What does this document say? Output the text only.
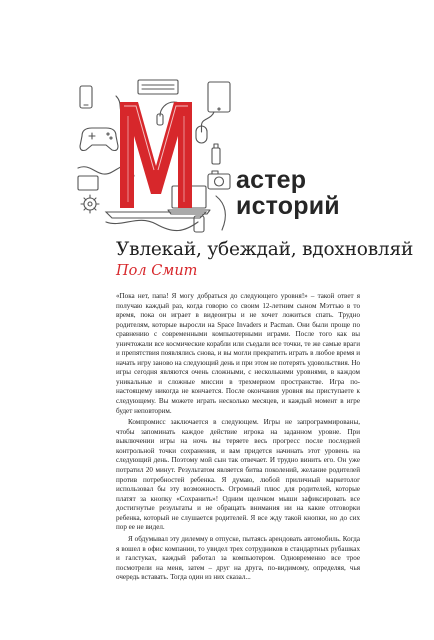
астер
историй
Увлекай, убеждай, вдохновляй
Пол Смит

«Пока нет, папа! Я могу добраться до следующего уровня!» – такой ответ я получаю каждый раз, когда говорю со своим 12-летним сыном Мэттью в то время, пока он играет в видеоигры и не хочет ложиться спать. Трудно родителям, которые выросли на Space Invaders и Pacman. Они были проще по сравнению с современными компьютерными играми. После того как вы уничтожали все космические корабли или съедали все точки, те же самые враги и препятствия появлялись снова, и вы могли прекратить играть в любое время и начать игру заново на следующий день и при этом не потерять удовольствия. Но игры сегодня являются очень сложными, с несколькими уровнями, в каждом уникальные и сложные миссии в трехмерном пространстве. Игра по-настоящему никогда не кончается. После окончания уровня вы приступаете к следующему. Вы можете играть несколько месяцев, и каждый момент в игре будет неповторим.

Компромисс заключается в следующем. Игры не запрограммированы, чтобы запоминать каждое действие игрока на заданном уровне. При выключении игры на ночь вы теряете весь прогресс после последней контрольной точки сохранения, и вам придется начинать этот уровень на следующий день. Поэтому мой сын так отвечает. И трудно винить его. Он уже потратил 20 минут. Результатом является битва поколений, желание родителей против потребностей ребенка. Я думаю, любой приличный маркетолог использовал бы эту возможность. Огромный плюс для родителей, которые платят за кнопку «Сохранить»! Одним щелчком мыши зафиксировать все достигнутые результаты и не обращать внимания ни на какие отговорки ребенка, который не слушается родителей. Я все жду такой кнопки, но до сих пор ее не видел.

Я обдумывал эту дилемму в отпуске, пытаясь арендовать автомобиль. Когда я вошел в офис компании, то увидел трех сотрудников в стандартных рубашках и галстуках, каждый работал за компьютером. Одновременно все трое посмотрели на меня, затем – друг на друга, по-видимому, определяя, чья очередь вставать. Тогда один из них сказал...
